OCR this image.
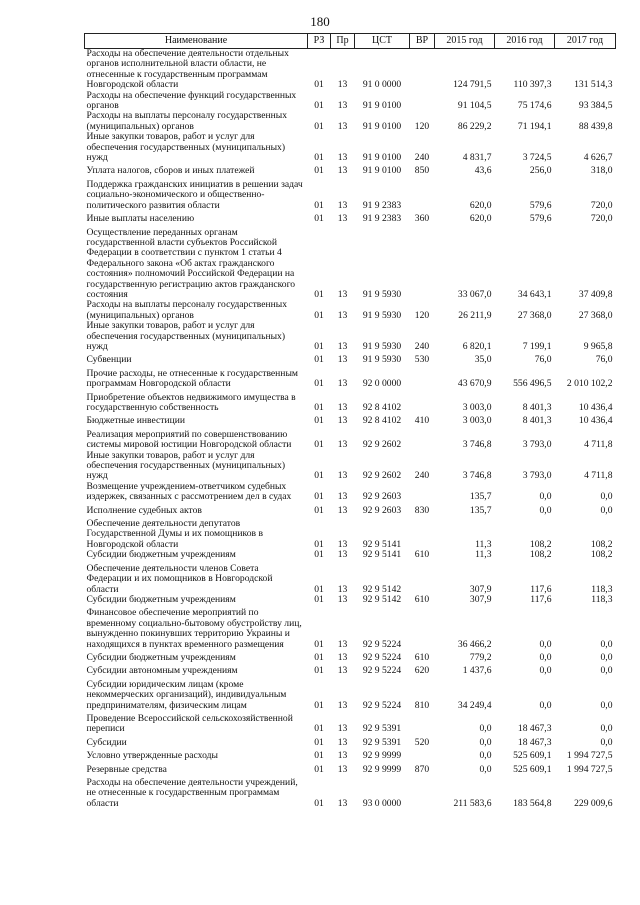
180
Наименование	РЗ	Пр	ЦСТ	ВР	2015 год	2016 год	2017 год
Расходы на обеспечение деятельности отдельных органов исполнительной власти области, не отнесенные к государственным программам Новгородской области	01	13	91 0 0000		124 791,5	110 397,3	131 514,3
Расходы на обеспечение функций государственных органов	01	13	91 9 0100		91 104,5	75 174,6	93 384,5
Расходы на выплаты персоналу государственных (муниципальных) органов	01	13	91 9 0100	120	86 229,2	71 194,1	88 439,8
Иные закупки товаров, работ и услуг для обеспечения государственных (муниципальных) нужд	01	13	91 9 0100	240	4 831,7	3 724,5	4 626,7
Уплата налогов, сборов и иных платежей	01	13	91 9 0100	850	43,6	256,0	318,0
Поддержка гражданских инициатив в решении задач социально-экономического и общественно-политического развития области	01	13	91 9 2383		620,0	579,6	720,0
Иные выплаты населению	01	13	91 9 2383	360	620,0	579,6	720,0
Осуществление переданных органам государственной власти субъектов Российской Федерации в соответствии с пунктом 1 статьи 4 Федерального закона «Об актах гражданского состояния» полномочий Российской Федерации на государственную регистрацию актов гражданского состояния	01	13	91 9 5930		33 067,0	34 643,1	37 409,8
Расходы на выплаты персоналу государственных (муниципальных) органов	01	13	91 9 5930	120	26 211,9	27 368,0	27 368,0
Иные закупки товаров, работ и услуг для обеспечения государственных (муниципальных) нужд	01	13	91 9 5930	240	6 820,1	7 199,1	9 965,8
Субвенции	01	13	91 9 5930	530	35,0	76,0	76,0
Прочие расходы, не отнесенные к государственным программам Новгородской области	01	13	92 0 0000		43 670,9	556 496,5	2 010 102,2
Приобретение объектов недвижимого имущества в государственную собственность	01	13	92 8 4102		3 003,0	8 401,3	10 436,4
Бюджетные инвестиции	01	13	92 8 4102	410	3 003,0	8 401,3	10 436,4
Реализация мероприятий по совершенствованию системы мировой юстиции Новгородской области	01	13	92 9 2602		3 746,8	3 793,0	4 711,8
Иные закупки товаров, работ и услуг для обеспечения государственных (муниципальных) нужд	01	13	92 9 2602	240	3 746,8	3 793,0	4 711,8
Возмещение учреждением-ответчиком судебных издержек, связанных с рассмотрением дел в судах	01	13	92 9 2603		135,7	0,0	0,0
Исполнение судебных актов	01	13	92 9 2603	830	135,7	0,0	0,0
Обеспечение деятельности депутатов Государственной Думы и их помощников в Новгородской области	01	13	92 9 5141		11,3	108,2	108,2
Субсидии бюджетным учреждениям	01	13	92 9 5141	610	11,3	108,2	108,2
Обеспечение деятельности членов Совета Федерации и их помощников в Новгородской области	01	13	92 9 5142		307,9	117,6	118,3
Субсидии бюджетным учреждениям	01	13	92 9 5142	610	307,9	117,6	118,3
Финансовое обеспечение мероприятий по временному социально-бытовому обустройству лиц, вынужденно покинувших территорию Украины и находящихся в пунктах временного размещения	01	13	92 9 5224		36 466,2	0,0	0,0
Субсидии бюджетным учреждениям	01	13	92 9 5224	610	779,2	0,0	0,0
Субсидии автономным учреждениям	01	13	92 9 5224	620	1 437,6	0,0	0,0
Субсидии юридическим лицам (кроме некоммерческих организаций), индивидуальным предпринимателям, физическим лицам	01	13	92 9 5224	810	34 249,4	0,0	0,0
Проведение Всероссийской сельскохозяйственной переписи	01	13	92 9 5391		0,0	18 467,3	0,0
Субсидии	01	13	92 9 5391	520	0,0	18 467,3	0,0
Условно утвержденные расходы	01	13	92 9 9999		0,0	525 609,1	1 994 727,5
Резервные средства	01	13	92 9 9999	870	0,0	525 609,1	1 994 727,5
Расходы на обеспечение деятельности учреждений, не отнесенные к государственным программам области	01	13	93 0 0000		211 583,6	183 564,8	229 009,6
